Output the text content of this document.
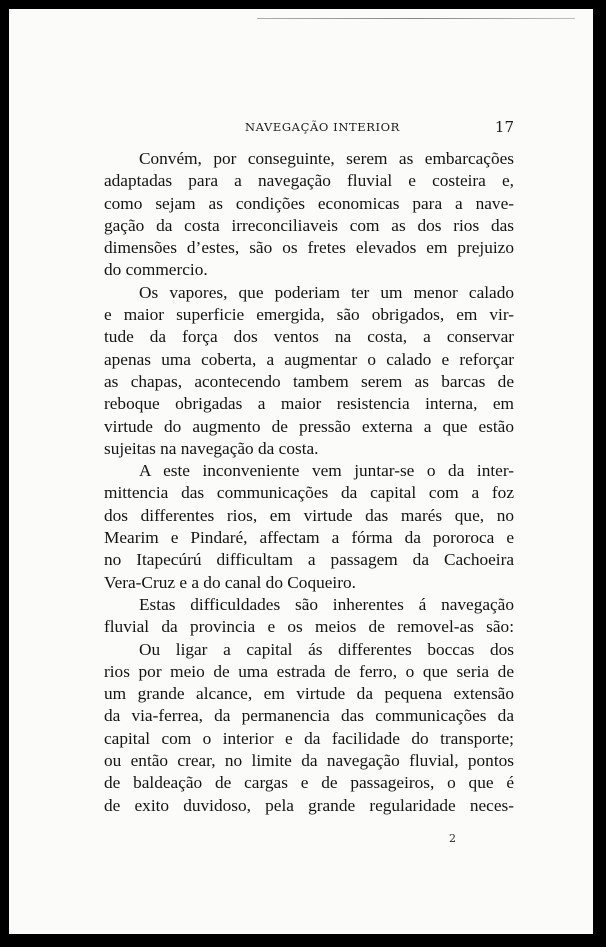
NAVEGAÇÃO INTERIOR	17
Convém, por conseguinte, serem as embarcações
adaptadas para a navegação fluvial e costeira e,
como sejam as condições economicas para a nave-
gação da costa irreconciliaveis com as dos rios das
dimensões d’estes, são os fretes elevados em prejuizo
do commercio.
Os vapores, que poderiam ter um menor calado
e maior superficie emergida, são obrigados, em vir-
tude da força dos ventos na costa, a conservar
apenas uma coberta, a augmentar o calado e reforçar
as chapas, acontecendo tambem serem as barcas de
reboque obrigadas a maior resistencia interna, em
virtude do augmento de pressão externa a que estão
sujeitas na navegação da costa.
A este inconveniente vem juntar-se o da inter-
mittencia das communicações da capital com a foz
dos differentes rios, em virtude das marés que, no
Mearim e Pindaré, affectam a fórma da pororoca e
no Itapecúrú difficultam a passagem da Cachoeira
Vera-Cruz e a do canal do Coqueiro.
Estas difficuldades são inherentes á navegação
fluvial da provincia e os meios de removel-as são:
Ou ligar a capital ás differentes boccas dos
rios por meio de uma estrada de ferro, o que seria de
um grande alcance, em virtude da pequena extensão
da via-ferrea, da permanencia das communicações da
capital com o interior e da facilidade do transporte;
ou então crear, no limite da navegação fluvial, pontos
de baldeação de cargas e de passageiros, o que é
de exito duvidoso, pela grande regularidade neces-
2
